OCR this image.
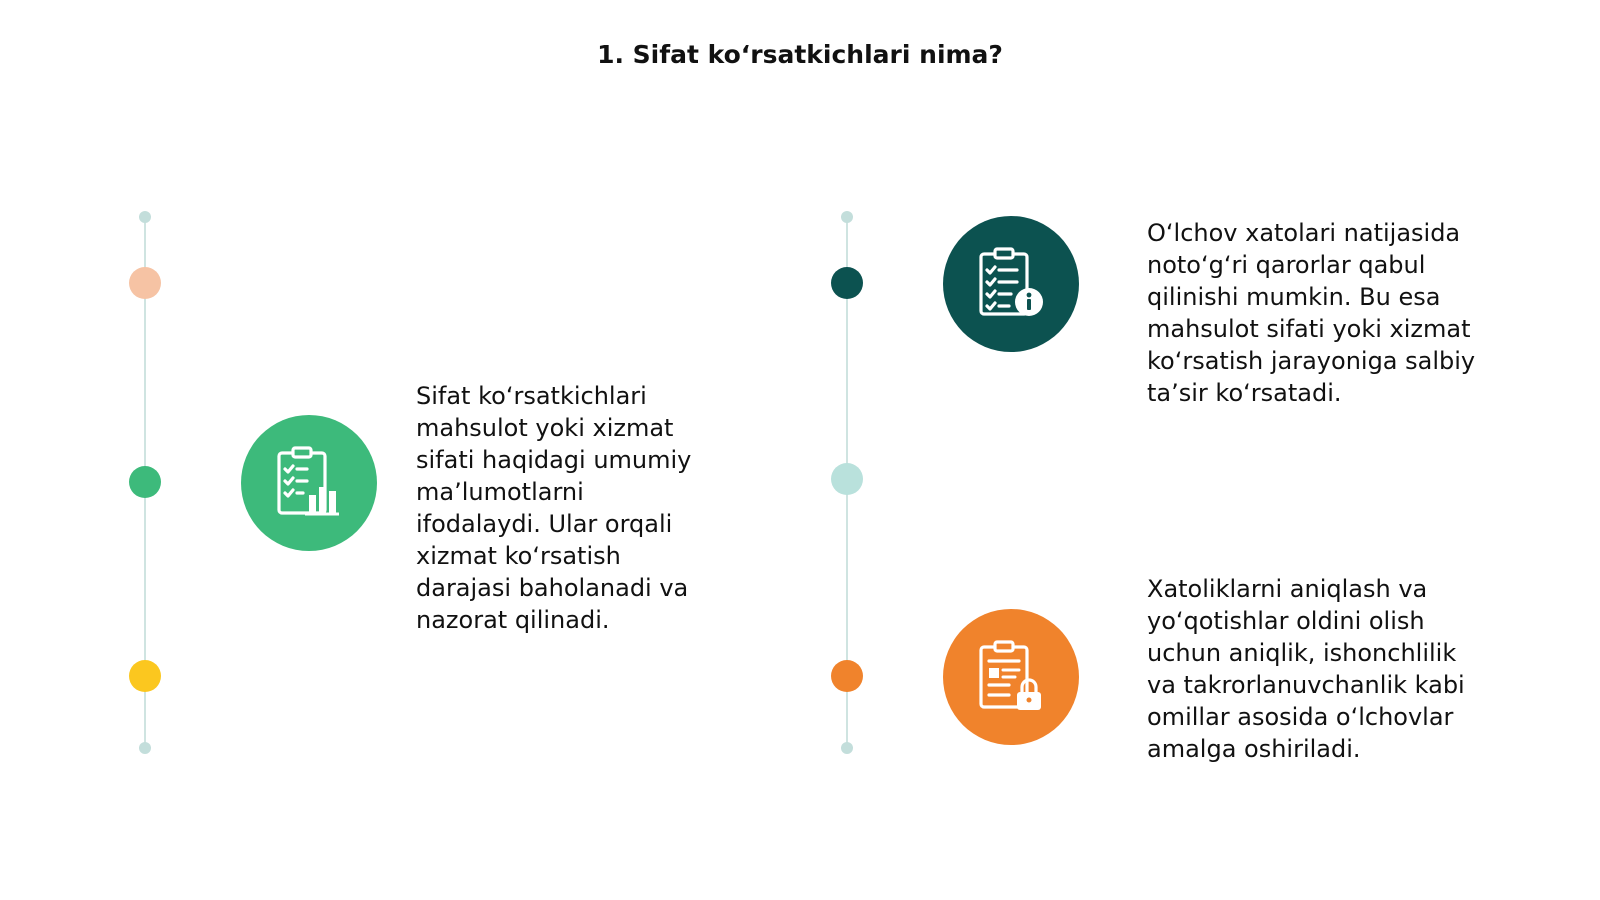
1. Sifat ko‘rsatkichlari nima?
Sifat ko‘rsatkichlari
mahsulot yoki xizmat
sifati haqidagi umumiy
ma’lumotlarni
ifodalaydi. Ular orqali
xizmat ko‘rsatish
darajasi baholanadi va
nazorat qilinadi.
O‘lchov xatolari natijasida
noto‘g‘ri qarorlar qabul
qilinishi mumkin. Bu esa
mahsulot sifati yoki xizmat
ko‘rsatish jarayoniga salbiy
ta’sir ko‘rsatadi.
Xatoliklarni aniqlash va
yo‘qotishlar oldini olish
uchun aniqlik, ishonchlilik
va takrorlanuvchanlik kabi
omillar asosida o‘lchovlar
amalga oshiriladi.
